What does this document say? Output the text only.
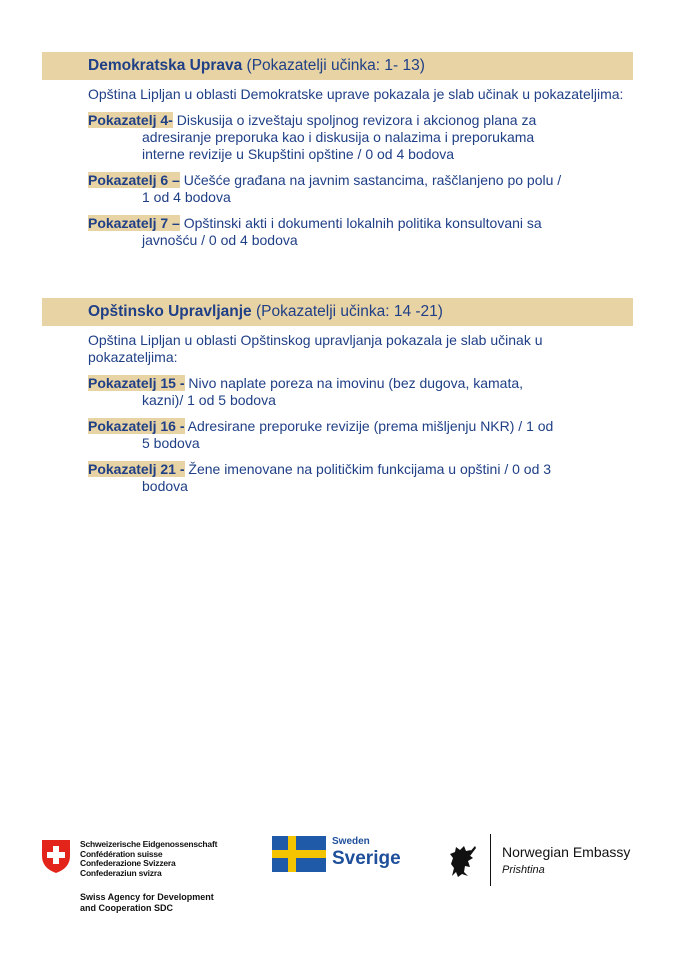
Demokratska Uprava (Pokazatelji učinka: 1- 13)
Opština Lipljan u oblasti Demokratske uprave pokazala je slab učinak u pokazateljima:
Pokazatelj 4- Diskusija o izveštaju spoljnog revizora i akcionog plana za
adresiranje preporuka kao i diskusija o nalazima i preporukama
interne revizije u Skupštini opštine / 0 od 4 bodova
Pokazatelj 6 – Učešće građana na javnim sastancima, raščlanjeno po polu /
1 od 4 bodova
Pokazatelj 7 – Opštinski akti i dokumenti lokalnih politika konsultovani sa
javnošću / 0 od 4 bodova
Opštinsko Upravljanje (Pokazatelji učinka: 14 -21)
Opština Lipljan u oblasti Opštinskog upravljanja pokazala je slab učinak u pokazateljima:
Pokazatelj 15 - Nivo naplate poreza na imovinu (bez dugova, kamata,
kazni)/ 1 od 5 bodova
Pokazatelj 16 - Adresirane preporuke revizije (prema mišljenju NKR) / 1 od
5 bodova
Pokazatelj 21 - Žene imenovane na političkim funkcijama u opštini / 0 od 3
bodova
Schweizerische Eidgenossenschaft
Confédération suisse
Confederazione Svizzera
Confederaziun svizra
Swiss Agency for Development
and Cooperation SDC
Sweden
Sverige	Norwegian Embassy
Prishtina
